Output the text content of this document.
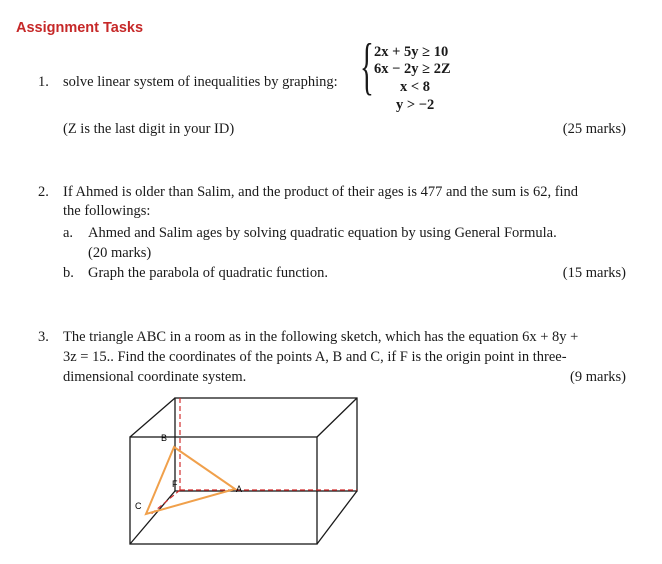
Assignment Tasks
1. solve linear system of inequalities by graphing: { 2x + 5y ≥ 10
6x − 2y ≥ 2Z
x < 8
y > −2
(Z is the last digit in your ID)	(25 marks)
2. If Ahmed is older than Salim, and the product of their ages is 477 and the sum is 62, find
the followings:
a. Ahmed and Salim ages by solving quadratic equation by using General Formula.
(20 marks)
b. Graph the parabola of quadratic function.	(15 marks)
3. The triangle ABC in a room as in the following sketch, which has the equation 6x + 8y +
3z = 15.. Find the coordinates of the points A, B and C, if F is the origin point in three-
dimensional coordinate system.	(9 marks)
B
A
C
F
